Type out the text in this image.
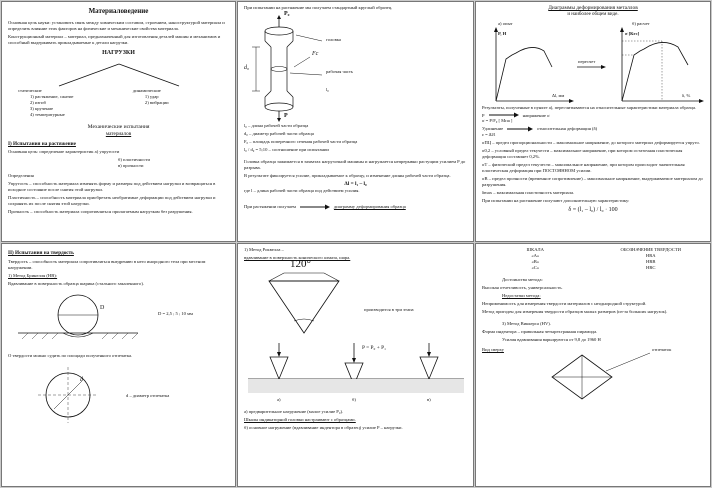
Материаловедение

Основная цель науки: установить связь между химическим составом, строением, наноструктурой материала и определить влияние этих факторов на физические и механические свойства материала.

Конструкционный материал – материал, предназначенный для изготовления деталей машин и механизмов и способный выдерживать прикладываемые к детали нагрузки.

НАГРУЗКИ
статические
1) растяжение, сжатие
2) изгиб
3) кручение
4) температурные
динамические
1) удар
2) вибрации
Механические испытания
материалов
I) Испытания на растяжение

Основная цель: определение характеристик а) упругости

б) пластичности
в) прочности

Определения

Упругость – способность материала изменять форму и размеры под действием нагрузки и возвращаться в исходное состояние после снятия этой нагрузки.

Пластичность – способность материала приобретать необратимые деформации под действием нагрузки и сохранять их после снятия этой нагрузки.

Прочность – способность материала сопротивляться прилагаемым нагрузкам без разрушения.

При испытании на растяжение мы получаем стандартный круглый образец.

P₀
Fc
d₀
P
головка
рабочая часть
l₀

l₀ – длина рабочей части образца

d₀ – диаметр рабочей части образца

F₀ – площадь поперечного сечения рабочей части образца

l₀ / d₀ = 5;10 – соотношение при испытании

Головка образца зажимается в захватах нагрузочной машины и нагружается непрерывно растущим усилием P до разрыва.

В результате фиксируется усилие, прикладываемое к образцу, и изменение длины рабочей части образца.

Δl = l₁ – l₀

где l – длина рабочей части образца под действием усилия.

При растяжении получаем	диаграмму деформирования образца
Диаграммы деформирования металлов
и наиболее общем виде.
а) опыт	б) расчет
P, H	σ [Кгс]
Δl, мм	δ, %
пересчет

Результаты, полученные в пункте а), пересчитываются на относительные характеристики материала образца.

P	напряжение σ

σ = P/F₀ [ Мпа ]

Удлинение	относительная деформация (δ)

ε = Δl/l

σПЦ – предел пропорциональности – максимальное напряжение, до которого материал деформируется упруго.

σ0,2 – условный предел текучести – максимальное напряжение, при котором остаточная пластическая деформация составляет 0,2%.

σТ – физический предел текучести – максимальное напряжение, при котором происходит значительная пластическая деформация при ПОСТОЯННОМ усилии.

σВ – предел прочности (временное сопротивление) – максимальное напряжение, выдерживаемое материалом до разрушения.

δmax – максимальная пластичность материала.

При испытании на растяжение получают дополнительную характеристику:

δ = (l₁ – l₀) / l₀ · 100
II) Испытания на твердость

Твердость – способность материала сопротивляться внедрению в него инородного тела при местном нагружении.

1) Метод Бринелля (НВ):

Вдавливание в поверхность образца шарика (стального закаленного).

D
D = 2,5 ; 5 ; 10 мм

О твердости можно судить по площади полученного отпечатка.

d
d – диаметр отпечатка

1) Метод Роквелла –

вдавливание в поверхность конического алмаза, шара.

120°
производится в три этапа
P = P₀ + P₁
а)	б)	в)

а) предварительное нагружение (малое усилие P₀).

Шкалы индикаторной головки настраивают с образцами.

б) основное нагружение (вдавливание индентора в образец) усилие P – нагрузки.

ШКАЛА	ОБОЗНАЧЕНИЕ ТВЕРДОСТИ
«А»	HRA
«В»	HRB
«С»	HRC

Достоинства метода:

Высокая отчетливость, универсальность.

Недостатки метода:

Неприменимость для измерения твердости материалов с неоднородной структурой.

Метод пригоден для измерения твердости образцов малых размеров (из-за больших нагрузок).

3) Метод Виккерса (HV).

Форма индентора – правильная четырехгранная пирамида.

Усилия вдавливания варьируются от 9,8 до 1960 Н

Вид сверху	отпечаток
